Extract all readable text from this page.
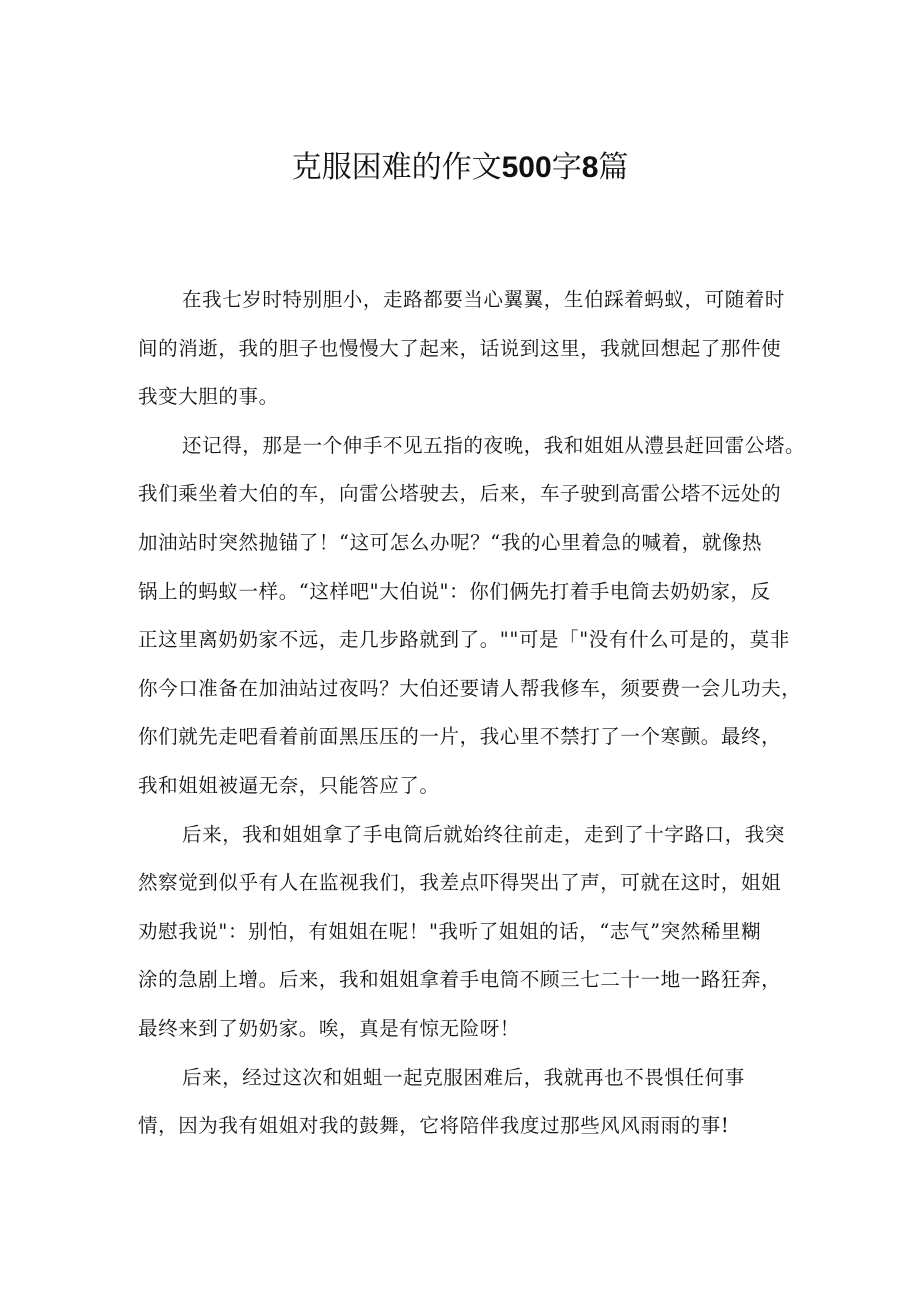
克服困难的作文500字8篇
在我七岁时特别胆小，走路都要当心翼翼，生伯踩着蚂蚁，可随着时
间的消逝，我的胆子也慢慢大了起来，话说到这里，我就回想起了那件使
我变大胆的事。
还记得，那是一个伸手不见五指的夜晚，我和姐姐从澧县赶回雷公塔。
我们乘坐着大伯的车，向雷公塔驶去，后来，车子驶到高雷公塔不远处的
加油站时突然抛锚了！“这可怎么办呢？“我的心里着急的喊着，就像热
锅上的蚂蚁一样。“这样吧"大伯说"：你们俩先打着手电筒去奶奶家，反
正这里离奶奶家不远，走几步路就到了。""可是「"没有什么可是的，莫非
你今口准备在加油站过夜吗？大伯还要请人帮我修车，须要费一会儿功夫，
你们就先走吧看着前面黑压压的一片，我心里不禁打了一个寒颤。最终，
我和姐姐被逼无奈，只能答应了。
后来，我和姐姐拿了手电筒后就始终往前走，走到了十字路口，我突
然察觉到似乎有人在监视我们，我差点吓得哭出了声，可就在这时，姐姐
劝慰我说"：别怕，有姐姐在呢！"我听了姐姐的话，“志气”突然稀里糊
涂的急剧上增。后来，我和姐姐拿着手电筒不顾三七二十一地一路狂奔，
最终来到了奶奶家。唉，真是有惊无险呀！
后来，经过这次和姐蛆一起克服困难后，我就再也不畏惧任何事
情，因为我有姐姐对我的鼓舞，它将陪伴我度过那些风风雨雨的事!
